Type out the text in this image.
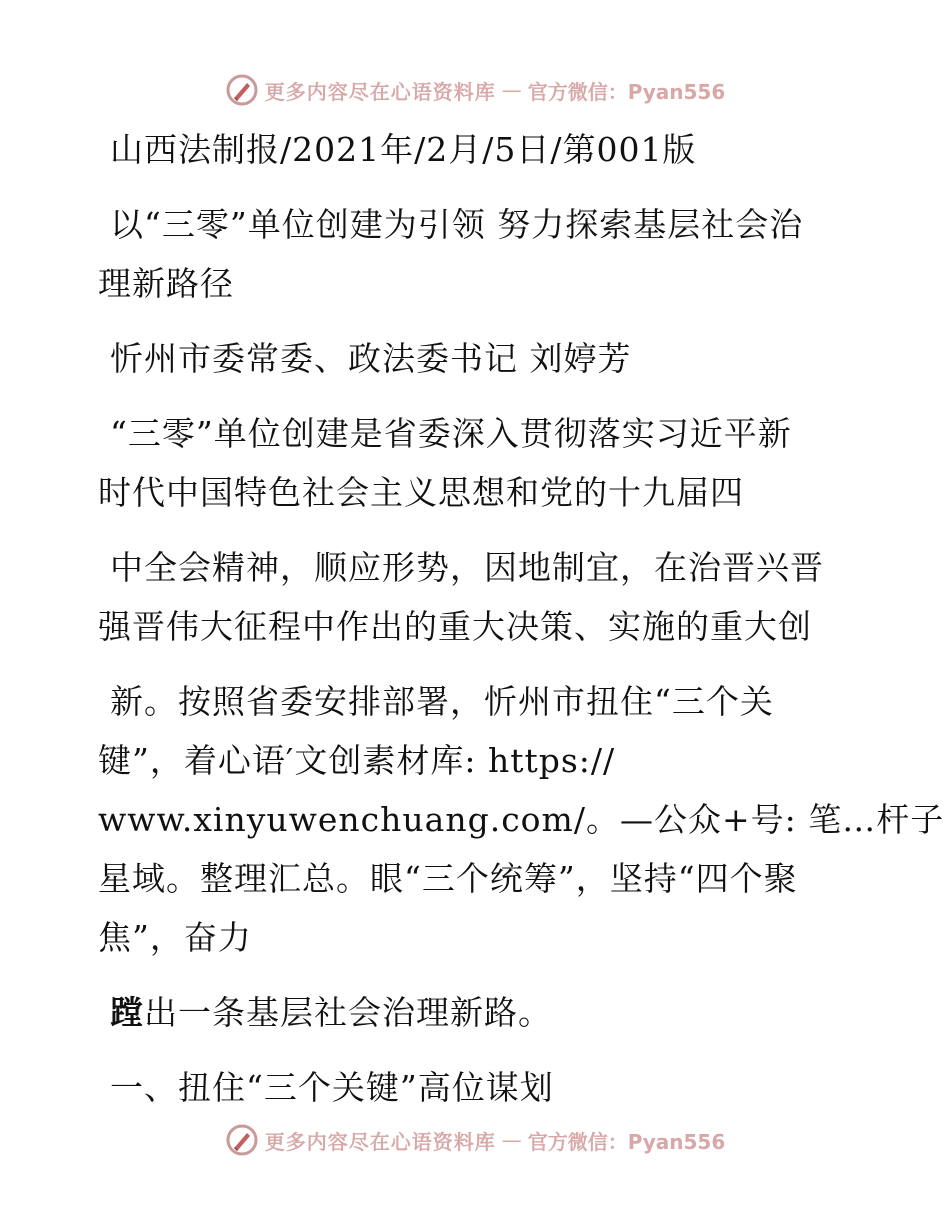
更多内容尽在心语资料库 — 官方微信：Pyan556
山西法制报/2021年/2月/5日/第001版
以“三零”单位创建为引领 努力探索基层社会治
理新路径
忻州市委常委、政法委书记 刘婷芳
“三零”单位创建是省委深入贯彻落实习近平新
时代中国特色社会主义思想和党的十九届四
中全会精神，顺应形势，因地制宜，在治晋兴晋
强晋伟大征程中作出的重大决策、实施的重大创
新。按照省委安排部署，忻州市扭住“三个关
键”，着心语′文创素材库: https://
www.xinyuwenchuang.com/。—公众+号: 笔…杆子
星域。整理汇总。眼“三个统筹”，坚持“四个聚
焦”，奋力
蹚出一条基层社会治理新路。
一、扭住“三个关键”高位谋划
更多内容尽在心语资料库 — 官方微信：Pyan556
